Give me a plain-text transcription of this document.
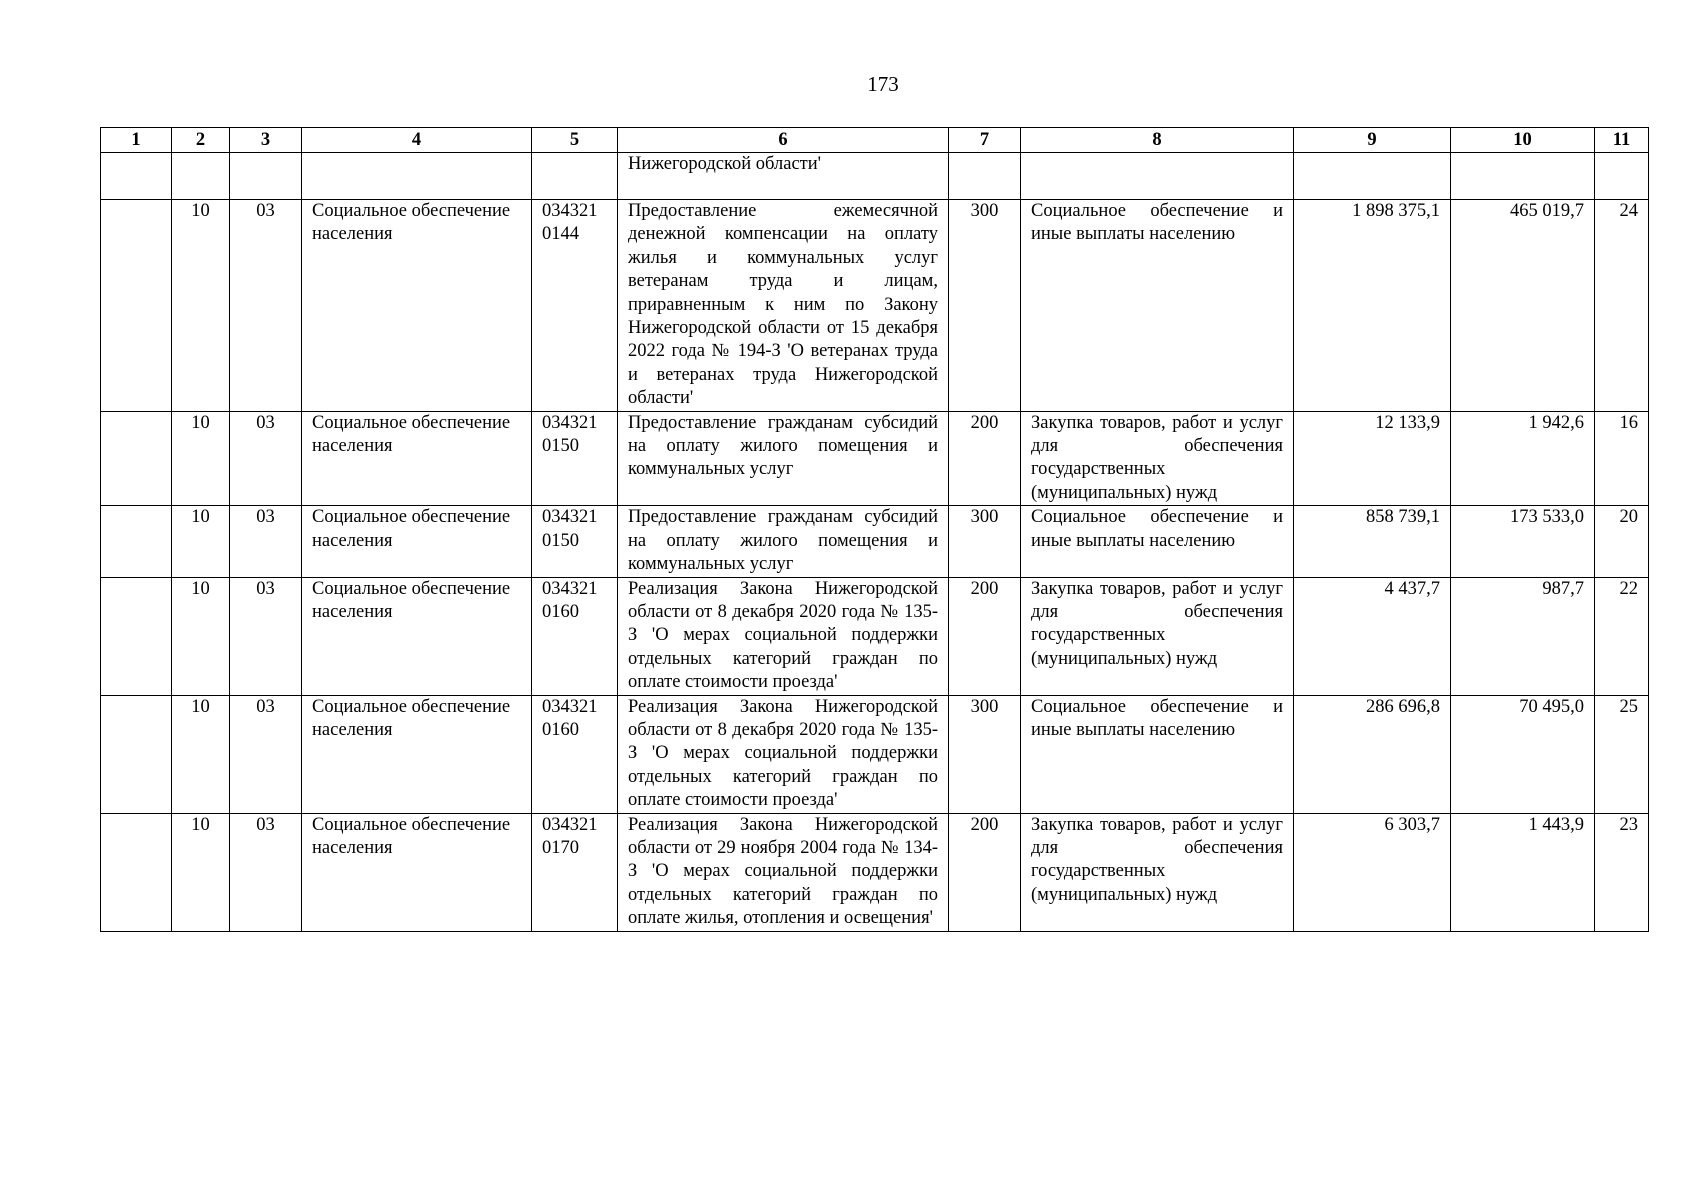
173
1	2	3	4	5	6	7	8	9	10	11
					Нижегородской области'					
	10	03	Социальное обеспечение населения	034321 0144	Предоставление ежемесячной денежной компенсации на оплату жилья и коммунальных услуг ветеранам труда и лицам, приравненным к ним по Закону Нижегородской области от 15 декабря 2022 года № 194-З 'О ветеранах труда и ветеранах труда Нижегородской области'	300	Социальное обеспечение и иные выплаты населению	1 898 375,1	465 019,7	24
	10	03	Социальное обеспечение населения	034321 0150	Предоставление гражданам субсидий на оплату жилого помещения и коммунальных услуг	200	Закупка товаров, работ и услуг для обеспечения государственных (муниципальных) нужд	12 133,9	1 942,6	16
	10	03	Социальное обеспечение населения	034321 0150	Предоставление гражданам субсидий на оплату жилого помещения и коммунальных услуг	300	Социальное обеспечение и иные выплаты населению	858 739,1	173 533,0	20
	10	03	Социальное обеспечение населения	034321 0160	Реализация Закона Нижегородской области от 8 декабря 2020 года № 135-З 'О мерах социальной поддержки отдельных категорий граждан по оплате стоимости проезда'	200	Закупка товаров, работ и услуг для обеспечения государственных (муниципальных) нужд	4 437,7	987,7	22
	10	03	Социальное обеспечение населения	034321 0160	Реализация Закона Нижегородской области от 8 декабря 2020 года № 135-З 'О мерах социальной поддержки отдельных категорий граждан по оплате стоимости проезда'	300	Социальное обеспечение и иные выплаты населению	286 696,8	70 495,0	25
	10	03	Социальное обеспечение населения	034321 0170	Реализация Закона Нижегородской области от 29 ноября 2004 года № 134-З 'О мерах социальной поддержки отдельных категорий граждан по оплате жилья, отопления и освещения'	200	Закупка товаров, работ и услуг для обеспечения государственных (муниципальных) нужд	6 303,7	1 443,9	23
